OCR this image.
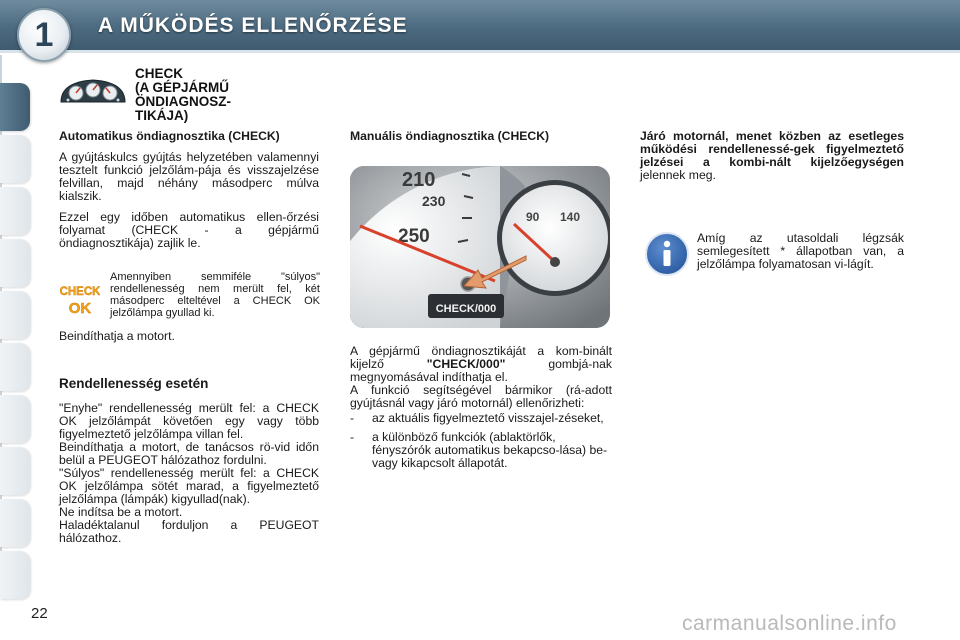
1 A MŰKÖDÉS ELLENŐRZÉSE
CHECK
(A GÉPJÁRMŰ
ÖNDIAGNOSZ-
TIKÁJA)

Automatikus öndiagnosztika (CHECK)

A gyújtáskulcs gyújtás helyzetében valamennyi tesztelt funkció jelzőlám-pája és visszajelzése felvillan, majd néhány másodperc múlva kialszik.

Ezzel egy időben automatikus ellen-őrzési folyamat (CHECK - a gépjármű öndiagnosztikája) zajlik le.

CHECK
OK
Amennyiben semmiféle "súlyos" rendellenesség nem merült fel, két másodperc elteltével a CHECK OK jelzőlámpa gyullad ki.

Beindíthatja a motort.

Rendellenesség esetén

"Enyhe" rendellenesség merült fel: a CHECK OK jelzőlámpát követően egy vagy több figyelmeztető jelzőlámpa villan fel.
Beindíthatja a motort, de tanácsos rö-vid időn belül a PEUGEOT hálózathoz fordulni.
"Súlyos" rendellenesség merült fel: a CHECK OK jelzőlámpa sötét marad, a figyelmeztető jelzőlámpa (lámpák) kigyullad(nak).
Ne indítsa be a motort.
Haladéktalanul forduljon a PEUGEOT hálózathoz.

Manuális öndiagnosztika (CHECK)

210
230
250
90 140
CHECK/000

A gépjármű öndiagnosztikáját a kom-binált kijelző	"CHECK/000"	gombjá-nak megnyomásával indíthatja el.

A funkció segítségével bármikor (rá-adott gyújtásnál vagy járó motornál) ellenőrizheti:

- az aktuális figyelmeztető visszajel-zéseket,
- a különböző funkciók (ablaktörlők, fényszórók automatikus bekapcso-lása) be- vagy kikapcsolt állapotát.

Járó motornál, menet közben az esetleges működési rendellenessé-gek figyelmeztető jelzései a kombi-nált kijelzőegységen jelennek meg.

Amíg az utasoldali légzsák semlegesített * állapotban van, a jelzőlámpa folyamatosan vi-lágít.

22	carmanualsonline.info
